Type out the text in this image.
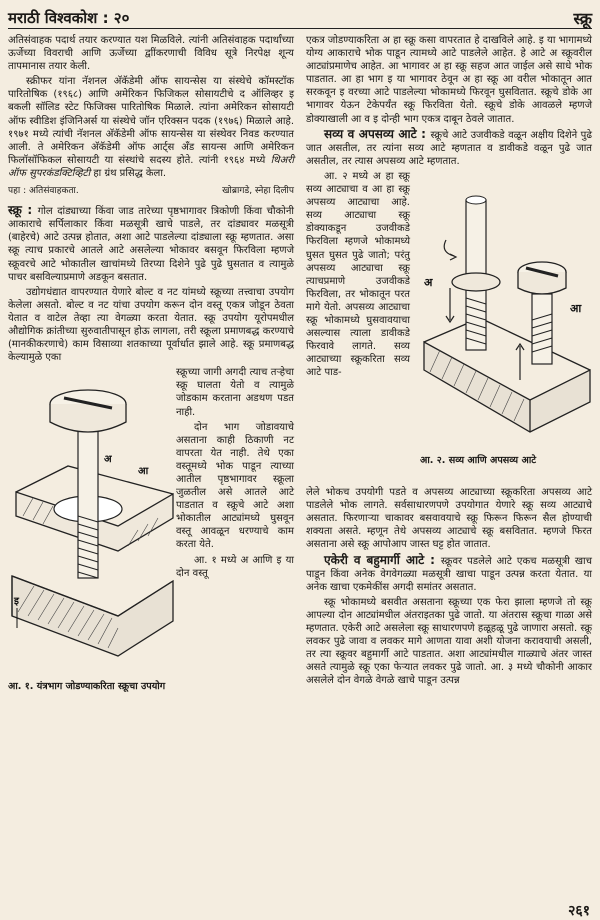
मराठी विश्वकोश : २०	स्क्रू

अतिसंवाहक पदार्थ तयार करण्यात यश मिळविले. त्यांनी अतिसंवाहक पदार्थांच्या ऊर्जेच्या विवराची आणि ऊर्जेच्या द्वाींकरणाची विविध सूत्रे निरपेक्ष शून्य तापमानास तयार केली.

स्क्रीफर यांना नॅशनल अ‍ॅकॅडेमी ऑफ सायन्सेस या संस्थेचे कॉमस्टॉक पारितोषिक (१९६८) आणि अमेरिकन फिजिकल सोसायटीचे द ऑलिव्हर इ बकली सॉलिड स्टेट फिजिक्स पारितोषिक मिळाले. त्यांना अमेरिकन सोसायटी ऑफ स्वीडिश इंजिनिअर्स या संस्थेचे जॉन एरिक्सन पदक (१९७६) मिळाले आहे. १९७१ मध्ये त्यांची नॅशनल अ‍ॅकॅडेमी ऑफ सायन्सेस या संस्थेवर निवड करण्यात आली. ते अमेरिकन अ‍ॅकॅडेमी ऑफ आर्ट्स अँड सायन्स आणि अमेरिकन फिलॉसॉफिकल सोसायटी या संस्थांचे सदस्य होते. त्यांनी १९६४ मध्ये थिअरी ऑफ सुपरकंडक्टिव्हिटी हा ग्रंथ प्रसिद्ध केला.

पहा : अतिसंवाहकता.	खोब्रागडे, स्नेहा दिलीप

स्क्रू : गोल दांड्याच्या किंवा जाड तारेच्या पृष्ठभागावर त्रिकोणी किंवा चौकोनी आकाराचे सर्पिलाकार किंवा मळसूत्री खाचे पाडले, तर दांड्यावर मळसूत्री (बाहेरचे) आटे उत्पन्न होतात, अशा आटे पाडलेल्या दांड्याला स्क्रू म्हणतात. असा स्क्रू त्याच प्रकारचे आतले आटे असलेल्या भोकावर बसवून फिरविला म्हणजे स्क्रूवरचे आटे भोकातील खाचांमध्ये तिरप्या दिशेने पुढे पुढे घुसतात व त्यामुळे पाचर बसविल्याप्रमाणे अडकून बसतात.

उद्योगधंद्यात वापरण्यात येणारे बोल्ट व नट यांमध्ये स्क्रूच्या तत्त्वाचा उपयोग केलेला असतो. बोल्ट व नट यांचा उपयोग करून दोन वस्तू एकत्र जोडून ठेवता येतात व वाटेल तेव्हा त्या वेगळ्या करता येतात. स्क्रू उपयोग यूरोपमधील औद्योगिक क्रांतीच्या सुरुवातीपासून होऊ लागला, तरी स्क्रूला प्रमाणबद्ध करण्याचे (मानकीकरणाचे) काम विसाव्या शतकाच्या पूर्वार्धात झाले आहे. स्क्रू प्रमाणबद्ध केल्यामुळे एका

आ
अ
इ

स्क्रूच्या जागी अगदी त्याच तऱ्हेचा स्क्रू घालता येतो व त्यामुळे जोडकाम करताना अडथण पडत नाही.

दोन भाग जोडावयाचे असताना काही ठिकाणी नट वापरता येत नाही. तेथे एका वस्तूमध्ये भोक पाडून त्याच्या आतील पृष्ठभागावर स्क्रूला जुळतील असे आतले आटे पाडतात व स्क्रूचे आटे अशा भोकातील आट्यांमध्ये घुसवून वस्तू आवळून धरण्याचे काम करता येते.

आ. १ मध्ये अ आणि इ या दोन वस्तू

आ. १. यंत्रभाग जोडण्याकरिता स्क्रूचा उपयोग

एकत्र जोडण्याकरिता अ हा स्क्रू कसा वापरतात हे दाखविले आहे. इ या भागामध्ये योग्य आकाराचे भोक पाडून त्यामध्ये आटे पाडलेले आहेत. हे आटे अ स्क्रूवरील आट्यांप्रमाणेच आहेत. आ भागावर अ हा स्क्रू सहज आत जाईल असे साधे भोक पाडतात. आ हा भाग इ या भागावर ठेवून अ हा स्क्रू आ वरील भोकातून आत सरकवून इ वरच्या आटे पाडलेल्या भोकामध्ये फिरवून घुसवितात. स्क्रूचे डोके आ भागावर येऊन टेकेपर्यंत स्क्रू फिरविता येतो. स्क्रूचे डोके आवळले म्हणजे डोक्याखाली आ व इ दोन्ही भाग एकत्र दाबून ठेवले जातात.

सव्य व अपसव्य आटे : स्क्रूचे आटे उजवीकडे वळून अक्षीय दिशेने पुढे जात असतील, तर त्यांना सव्य आटे म्हणतात व डावीकडे वळून पुढे जात असतील, तर त्यास अपसव्य आटे म्हणतात.

आ. २ मध्ये अ हा स्क्रू सव्य आट्याचा व आ हा स्क्रू अपसव्य आट्याचा आहे. सव्य आट्याचा स्क्रू डोक्याकडून उजवीकडे फिरविला म्हणजे भोकामध्ये घुसत घुसत पुढे जातो; परंतु अपसव्य आट्याचा स्क्रू त्याचप्रमाणे उजवीकडे फिरविला, तर भोकातून परत मागे येतो. अपसव्य आट्याचा स्क्रू भोकामध्ये घुसवावयाचा असल्यास त्याला डावीकडे फिरवावे लागते. सव्य आट्याच्या स्क्रूकरिता सव्य आटे पाड-

अ
आ
आ. २. सव्य आणि अपसव्य आटे

लेले भोकच उपयोगी पडते व अपसव्य आट्याच्या स्क्रूकरिता अपसव्य आटे पाडलेले भोक लागते. सर्वसाधारणपणे उपयोगात येणारे स्क्रू सव्य आट्याचे असतात. फिरणाऱ्या चाकावर बसवावयाचे स्क्रू फिरून फिरून सैल होण्याची शक्यता असते. म्हणून तेथे अपसव्य आट्याचे स्क्रू बसवितात. म्हणजे फिरत असताना असे स्क्रू आपोआप जास्त घट्ट होत जातात.

एकेरी व बहुमार्गी आटे : स्क्रूवर पडलेले आटे एकच मळसूत्री खाच पाडून किंवा अनेक वेगवेगळ्या मळसूत्री खाचा पाडून उत्पन्न करता येतात. या अनेक खाचा एकमेकींस अगदी समांतर असतात.

स्क्रू भोकामध्ये बसवीत असताना स्क्रूच्या एक फेरा झाला म्हणजे तो स्क्रू आपल्या दोन आट्यांमधील अंतराइतका पुढे जातो. या अंतरास स्क्रूचा गाळा असे म्हणतात. एकेरी आटे असलेला स्क्रू साधारणपणे हळूहळू पुढे जाणारा असतो. स्क्रू लवकर पुढे जावा व लवकर मागे आणता यावा अशी योजना करावयाची असली, तर त्या स्क्रूवर बहुमार्गी आटे पाडतात. अशा आट्यांमधील गाळ्याचे अंतर जास्त असते त्यामुळे स्क्रू एका फेऱ्यात लवकर पुढे जातो. आ. ३ मध्ये चौकोनी आकार असलेले दोन वेगळे वेगळे खाचे पाडून उत्पन्न

२६१
